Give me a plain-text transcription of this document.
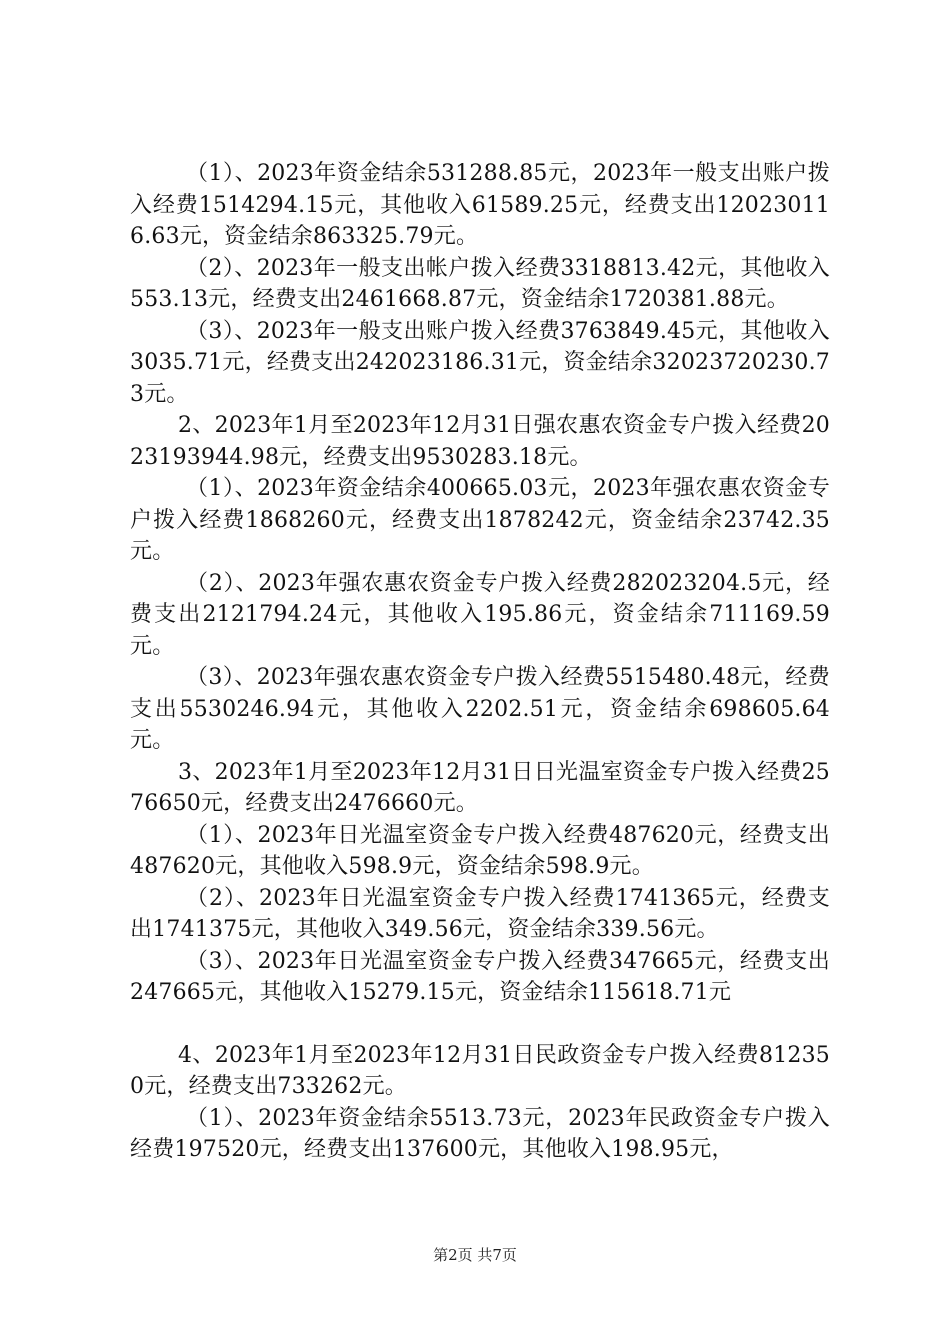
（1）、2023年资金结余531288.85元，2023年一般支出账户拨入经费1514294.15元，其他收入61589.25元，经费支出120230116.63元，资金结余863325.79元。

（2）、2023年一般支出帐户拨入经费3318813.42元，其他收入553.13元，经费支出2461668.87元，资金结余1720381.88元。

（3）、2023年一般支出账户拨入经费3763849.45元，其他收入3035.71元，经费支出242023186.31元，资金结余32023720230.73元。

2、2023年1月至2023年12月31日强农惠农资金专户拨入经费2023193944.98元，经费支出9530283.18元。

（1）、2023年资金结余400665.03元，2023年强农惠农资金专户拨入经费1868260元，经费支出1878242元，资金结余23742.35元。

（2）、2023年强农惠农资金专户拨入经费282023204.5元，经费支出2121794.24元，其他收入195.86元，资金结余711169.59元。

（3）、2023年强农惠农资金专户拨入经费5515480.48元，经费支出5530246.94元，其他收入2202.51元，资金结余698605.64元。

3、2023年1月至2023年12月31日日光温室资金专户拨入经费2576650元，经费支出2476660元。

（1）、2023年日光温室资金专户拨入经费487620元，经费支出487620元，其他收入598.9元，资金结余598.9元。

（2）、2023年日光温室资金专户拨入经费1741365元，经费支出1741375元，其他收入349.56元，资金结余339.56元。

（3）、2023年日光温室资金专户拨入经费347665元，经费支出247665元，其他收入15279.15元，资金结余115618.71元

4、2023年1月至2023年12月31日民政资金专户拨入经费812350元，经费支出733262元。

（1）、2023年资金结余5513.73元，2023年民政资金专户拨入经费197520元，经费支出137600元，其他收入198.95元，

第2页 共7页
